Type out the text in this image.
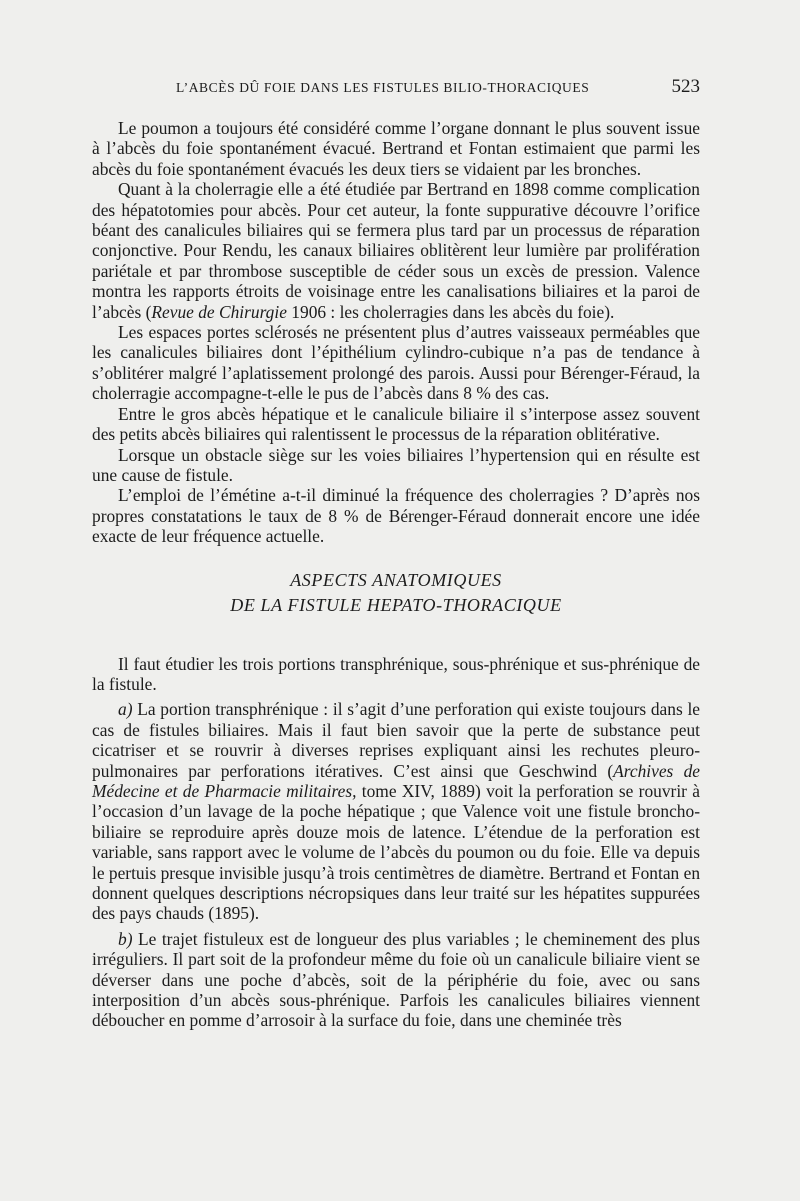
L’ABCÈS DÛ FOIE DANS LES FISTULES BILIO-THORACIQUES	523

Le poumon a toujours été considéré comme l’organe donnant le plus souvent issue à l’abcès du foie spontanément évacué. Bertrand et Fontan estimaient que parmi les abcès du foie spontanément évacués les deux tiers se vidaient par les bronches.

Quant à la cholerragie elle a été étudiée par Bertrand en 1898 comme complication des hépatotomies pour abcès. Pour cet auteur, la fonte suppurative découvre l’orifice béant des canalicules biliaires qui se fermera plus tard par un processus de réparation conjonctive. Pour Rendu, les canaux biliaires oblitèrent leur lumière par prolifération pariétale et par thrombose susceptible de céder sous un excès de pression. Valence montra les rapports étroits de voisinage entre les canalisations biliaires et la paroi de l’abcès (Revue de Chirurgie 1906 : les cholerragies dans les abcès du foie).

Les espaces portes sclérosés ne présentent plus d’autres vaisseaux perméables que les canalicules biliaires dont l’épithélium cylindro-cubique n’a pas de tendance à s’oblitérer malgré l’aplatissement prolongé des parois. Aussi pour Bérenger-Féraud, la cholerragie accompagne-t-elle le pus de l’abcès dans 8 % des cas.

Entre le gros abcès hépatique et le canalicule biliaire il s’interpose assez souvent des petits abcès biliaires qui ralentissent le processus de la réparation oblitérative.

Lorsque un obstacle siège sur les voies biliaires l’hypertension qui en résulte est une cause de fistule.

L’emploi de l’émétine a-t-il diminué la fréquence des cholerragies ? D’après nos propres constatations le taux de 8 % de Bérenger-Féraud donnerait encore une idée exacte de leur fréquence actuelle.

ASPECTS ANATOMIQUES
DE LA FISTULE HEPATO-THORACIQUE

Il faut étudier les trois portions transphrénique, sous-phrénique et sus-phrénique de la fistule.

a) La portion transphrénique : il s’agit d’une perforation qui existe toujours dans le cas de fistules biliaires. Mais il faut bien savoir que la perte de substance peut cicatriser et se rouvrir à diverses reprises expliquant ainsi les rechutes pleuro-pulmonaires par perforations itératives. C’est ainsi que Geschwind (Archives de Médecine et de Pharmacie militaires, tome XIV, 1889) voit la perforation se rouvrir à l’occasion d’un lavage de la poche hépatique ; que Valence voit une fistule broncho-biliaire se reproduire après douze mois de latence. L’étendue de la perforation est variable, sans rapport avec le volume de l’abcès du poumon ou du foie. Elle va depuis le pertuis presque invisible jusqu’à trois centimètres de diamètre. Bertrand et Fontan en donnent quelques descriptions nécropsiques dans leur traité sur les hépatites suppurées des pays chauds (1895).

b) Le trajet fistuleux est de longueur des plus variables ; le cheminement des plus irréguliers. Il part soit de la profondeur même du foie où un canalicule biliaire vient se déverser dans une poche d’abcès, soit de la périphérie du foie, avec ou sans interposition d’un abcès sous-phrénique. Parfois les canalicules biliaires viennent déboucher en pomme d’arrosoir à la surface du foie, dans une cheminée très
